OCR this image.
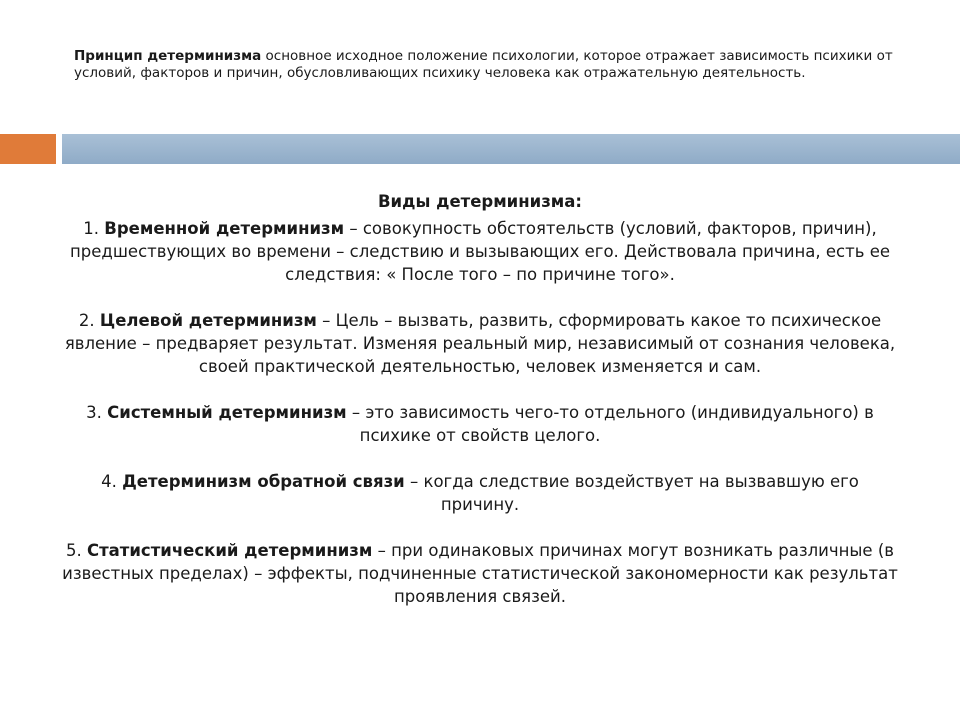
Принцип детерминизма основное исходное положение психологии, которое отражает зависимость психики от условий, факторов и причин, обусловливающих психику человека как отражательную деятельность.
Виды детерминизма:
1. Временной детерминизм – совокупность обстоятельств (условий, факторов, причин), предшествующих во времени – следствию и вызывающих его. Действовала причина, есть ее следствия: « После того – по причине того».
2. Целевой детерминизм – Цель – вызвать, развить, сформировать какое то психическое явление – предваряет результат. Изменяя реальный мир, независимый от сознания человека, своей практической деятельностью, человек изменяется и сам.
3. Системный детерминизм – это зависимость чего-то отдельного (индивидуального) в психике от свойств целого.
4. Детерминизм обратной связи – когда следствие воздействует на вызвавшую его причину.
5. Статистический детерминизм – при одинаковых причинах могут возникать различные (в известных пределах) – эффекты, подчиненные статистической закономерности как результат проявления связей.
